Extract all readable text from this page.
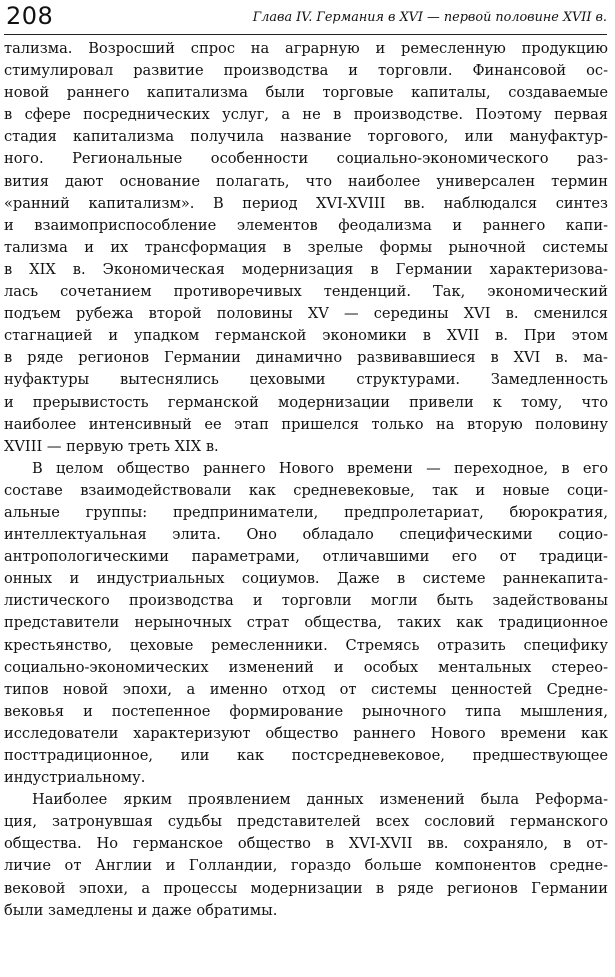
208	Глава IV. Германия в XVI — первой половине XVII в.

тализма. Возросший спрос на аграрную и ремесленную продукцию
стимулировал развитие производства и торговли. Финансовой ос-
новой раннего капитализма были торговые капиталы, создаваемые
в сфере посреднических услуг, а не в производстве. Поэтому первая
стадия капитализма получила название торгового, или мануфактур-
ного. Региональные особенности социально-экономического раз-
вития дают основание полагать, что наиболее универсален термин
«ранний капитализм». В период XVI-XVIII вв. наблюдался синтез
и взаимоприспособление элементов феодализма и раннего капи-
тализма и их трансформация в зрелые формы рыночной системы
в XIX в. Экономическая модернизация в Германии характеризова-
лась сочетанием противоречивых тенденций. Так, экономический
подъем рубежа второй половины XV — середины XVI в. сменился
стагнацией и упадком германской экономики в XVII в. При этом
в ряде регионов Германии динамично развивавшиеся в XVI в. ма-
нуфактуры вытеснялись цеховыми структурами. Замедленность
и прерывистость германской модернизации привели к тому, что
наиболее интенсивный ее этап пришелся только на вторую половину
XVIII — первую треть XIX в.

В целом общество раннего Нового времени — переходное, в его
составе взаимодействовали как средневековые, так и новые соци-
альные группы: предприниматели, предпролетариат, бюрократия,
интеллектуальная элита. Оно обладало специфическими социо-
антропологическими параметрами, отличавшими его от традици-
онных и индустриальных социумов. Даже в системе раннекапита-
листического производства и торговли могли быть задействованы
представители нерыночных страт общества, таких как традиционное
крестьянство, цеховые ремесленники. Стремясь отразить специфику
социально-экономических изменений и особых ментальных стерео-
типов новой эпохи, а именно отход от системы ценностей Средне-
вековья и постепенное формирование рыночного типа мышления,
исследователи характеризуют общество раннего Нового времени как
посттрадиционное, или как постсредневековое, предшествующее
индустриальному.

Наиболее ярким проявлением данных изменений была Реформа-
ция, затронувшая судьбы представителей всех сословий германского
общества. Но германское общество в XVI-XVII вв. сохраняло, в от-
личие от Англии и Голландии, гораздо больше компонентов средне-
вековой эпохи, а процессы модернизации в ряде регионов Германии
были замедлены и даже обратимы.
